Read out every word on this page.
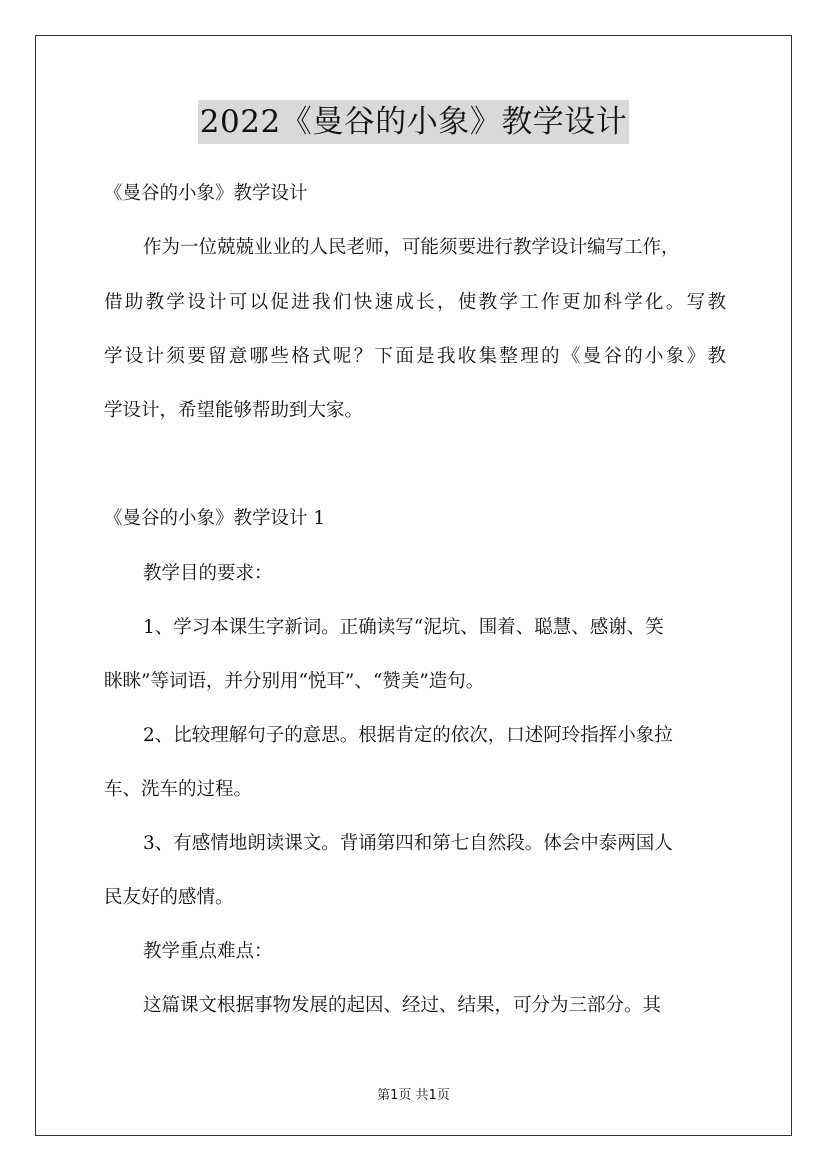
2022《曼谷的小象》教学设计
《曼谷的小象》教学设计
作为一位兢兢业业的人民老师，可能须要进行教学设计编写工作，
借助教学设计可以促进我们快速成长，使教学工作更加科学化。写教
学设计须要留意哪些格式呢？下面是我收集整理的《曼谷的小象》教
学设计，希望能够帮助到大家。
《曼谷的小象》教学设计 1
教学目的要求：
1、学习本课生字新词。正确读写“泥坑、围着、聪慧、感谢、笑
眯眯”等词语，并分别用“悦耳”、“赞美”造句。
2、比较理解句子的意思。根据肯定的依次，口述阿玲指挥小象拉
车、洗车的过程。
3、有感情地朗读课文。背诵第四和第七自然段。体会中泰两国人
民友好的感情。
教学重点难点：
这篇课文根据事物发展的起因、经过、结果，可分为三部分。其
第1页 共1页
